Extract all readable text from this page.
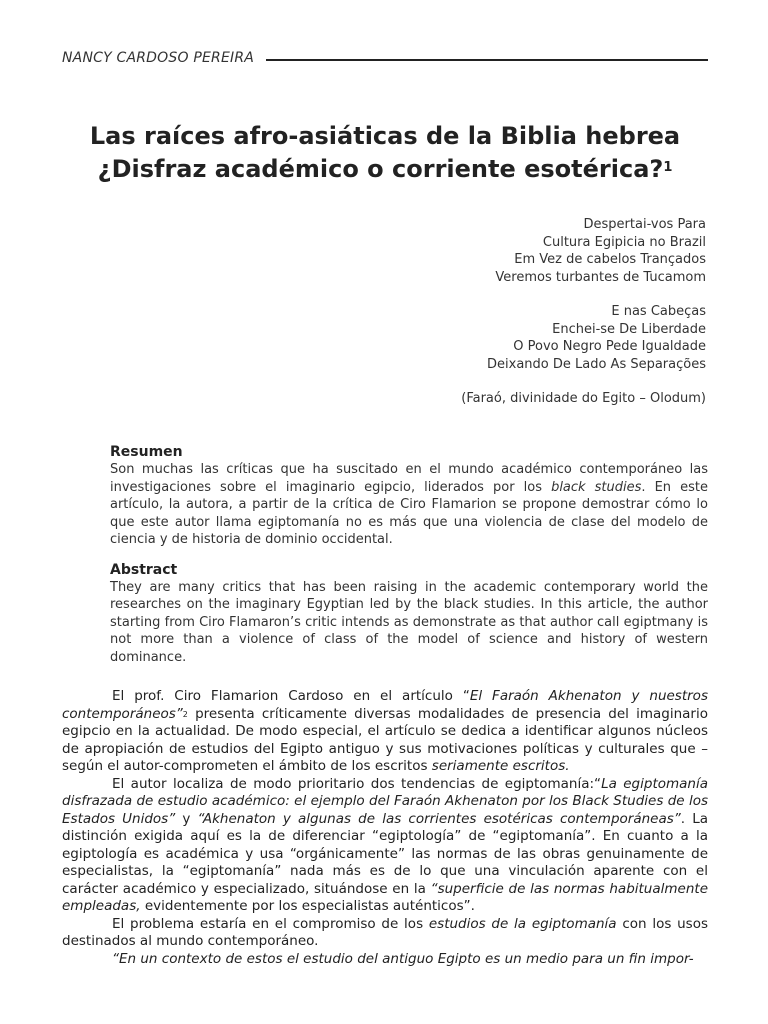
NANCY CARDOSO PEREIRA
Las raíces afro-asiáticas de la Biblia hebrea
¿Disfraz académico o corriente esotérica?$^1$
Despertai-vos Para
Cultura Egipicia no Brazil
Em Vez de cabelos Trançados
Veremos turbantes de Tucamom
E nas Cabeças
Enchei-se De Liberdade
O Povo Negro Pede Igualdade
Deixando De Lado As Separações
(Faraó, divinidade do Egito – Olodum)
Resumen

Son muchas las críticas que ha suscitado en el mundo académico contemporáneo las investigaciones sobre el imaginario egipcio, liderados por los black studies. En este artículo, la autora, a partir de la crítica de Ciro Flamarion se propone demostrar cómo lo que este autor llama egiptomanía no es más que una violencia de clase del modelo de ciencia y de historia de dominio occidental.

Abstract

They are many critics that has been raising in the academic contemporary world the researches on the imaginary Egyptian led by the black studies. In this article, the author starting from Ciro Flamaron’s critic intends as demonstrate as that author call egiptmany is not more than a violence of class of the model of science and history of western dominance.

El prof. Ciro Flamarion Cardoso en el artículo “El Faraón Akhenaton y nuestros contemporáneos”$^2$ presenta críticamente diversas modalidades de presencia del imaginario egipcio en la actualidad. De modo especial, el artículo se dedica a identificar algunos núcleos de apropiación de estudios del Egipto antiguo y sus motivaciones políticas y culturales que –según el autor-comprometen el ámbito de los escritos seriamente escritos.

El autor localiza de modo prioritario dos tendencias de egiptomanía:“La egiptomanía disfrazada de estudio académico: el ejemplo del Faraón Akhenaton por los Black Studies de los Estados Unidos” y “Akhenaton y algunas de las corrientes esotéricas contemporáneas”. La distinción exigida aquí es la de diferenciar “egiptología” de “egiptomanía”. En cuanto a la egiptología es académica y usa “orgánicamente” las normas de las obras genuinamente de especialistas, la “egiptomanía” nada más es de lo que una vinculación aparente con el carácter académico y especializado, situándose en la “superficie de las normas habitualmente empleadas, evidentemente por los especialistas auténticos”.

El problema estaría en el compromiso de los estudios de la egiptomanía con los usos destinados al mundo contemporáneo.

“En un contexto de estos el estudio del antiguo Egipto es un medio para un fin impor-
